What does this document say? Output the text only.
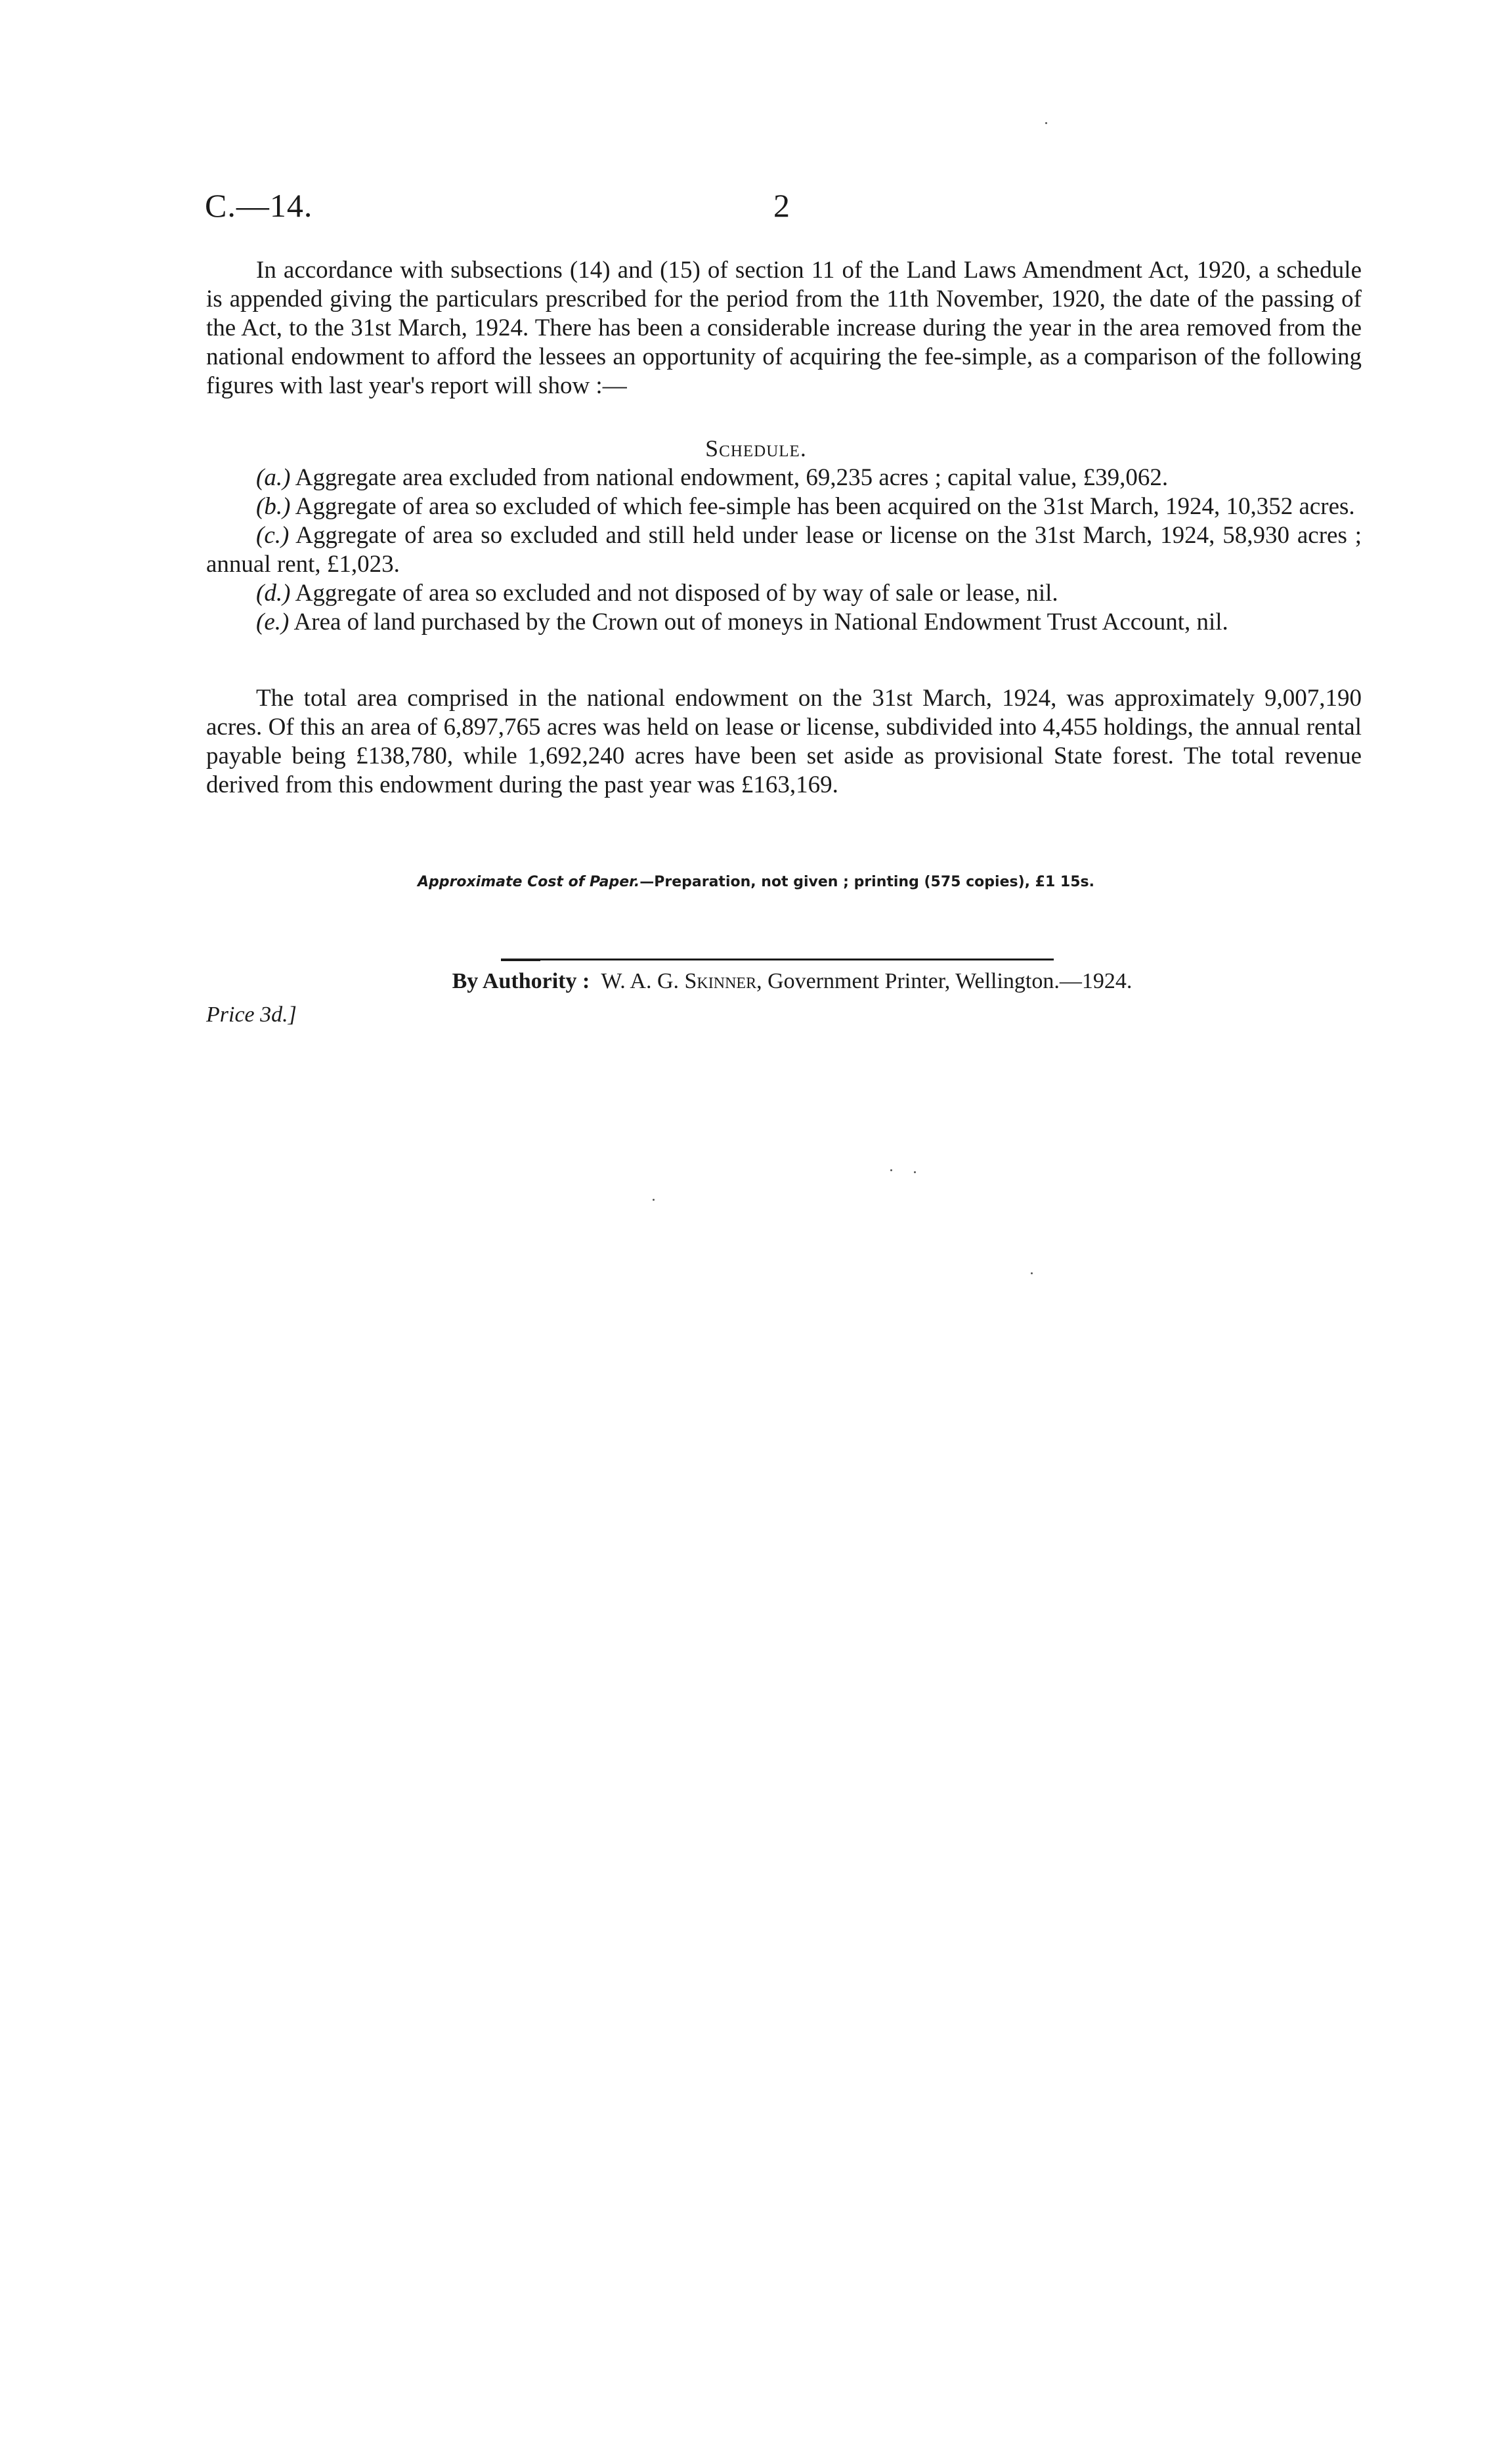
C.—14.	2

In accordance with subsections (14) and (15) of section 11 of the Land Laws Amendment Act, 1920, a schedule is appended giving the particulars prescribed for the period from the 11th November, 1920, the date of the passing of the Act, to the 31st March, 1924. There has been a considerable increase during the year in the area removed from the national endowment to afford the lessees an opportunity of acquiring the fee-simple, as a comparison of the following figures with last year's report will show :—

Schedule.

(a.) Aggregate area excluded from national endowment, 69,235 acres ; capital value, £39,062.

(b.) Aggregate of area so excluded of which fee-simple has been acquired on the 31st March, 1924, 10,352 acres.

(c.) Aggregate of area so excluded and still held under lease or license on the 31st March, 1924, 58,930 acres ; annual rent, £1,023.

(d.) Aggregate of area so excluded and not disposed of by way of sale or lease, nil.

(e.) Area of land purchased by the Crown out of moneys in National Endowment Trust Account, nil.

The total area comprised in the national endowment on the 31st March, 1924, was approximately 9,007,190 acres. Of this an area of 6,897,765 acres was held on lease or license, subdivided into 4,455 holdings, the annual rental payable being £138,780, while 1,692,240 acres have been set aside as provisional State forest. The total revenue derived from this endowment during the past year was £163,169.

Approximate Cost of Paper.—Preparation, not given ; printing (575 copies), £1 15s.
By Authority : W. A. G. Skinner, Government Printer, Wellington.—1924.
Price 3d.]
